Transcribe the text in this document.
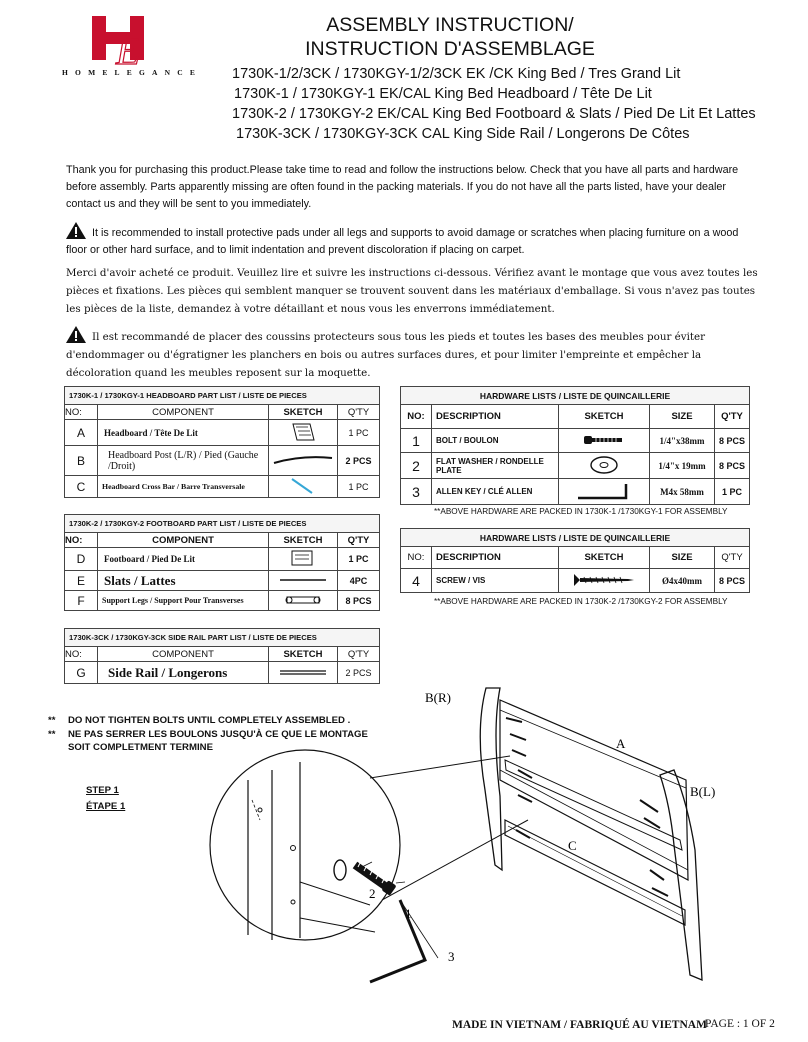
E
HOMELEGANCE
ASSEMBLY INSTRUCTION/
INSTRUCTION D'ASSEMBLAGE
1730K-1/2/3CK / 1730KGY-1/2/3CK EK /CK King Bed / Tres Grand Lit
1730K-1 / 1730KGY-1 EK/CAL King Bed Headboard / Tête De Lit
1730K-2 / 1730KGY-2 EK/CAL King Bed Footboard & Slats / Pied De Lit Et Lattes
1730K-3CK / 1730KGY-3CK CAL King Side Rail / Longerons De Côtes
Thank you for purchasing this product.Please take time to read and follow the instructions below. Check that you have all parts and hardware before assembly. Parts apparently missing are often found in the packing materials. If you do not have all the parts listed, have your dealer contact us and they will be sent to you immediately.
It is recommended to install protective pads under all legs and supports to avoid damage or scratches when placing furniture on a wood floor or other hard surface, and to limit indentation and prevent discoloration if placing on carpet.
Merci d'avoir acheté ce produit. Veuillez lire et suivre les instructions ci-dessous. Vérifiez avant le montage que vous avez toutes les pièces et fixations. Les pièces qui semblent manquer se trouvent souvent dans les matériaux d'emballage. Si vous n'avez pas toutes les pièces de la liste, demandez à votre détaillant et nous vous les enverrons immédiatement.
Il est recommandé de placer des coussins protecteurs sous tous les pieds et toutes les bases des meubles pour éviter d'endommager ou d'égratigner les planchers en bois ou autres surfaces dures, et pour limiter l'empreinte et empêcher la décoloration quand les meubles reposent sur la moquette.
1730K-1 / 1730KGY-1 HEADBOARD PART LIST / LISTE DE PIECES			
NO:	COMPONENT	SKETCH	Q'TY
A	Headboard / Tête De Lit		1 PC
B	Headboard Post (L/R) / Pied (Gauche /Droit)		2 PCS
C	Headboard Cross Bar / Barre Transversale		1 PC
1730K-2 / 1730KGY-2 FOOTBOARD PART LIST / LISTE DE PIECES			
NO:	COMPONENT	SKETCH	Q'TY
D	Footboard / Pied De Lit		1 PC
E	Slats / Lattes		4PC
F	Support Legs / Support Pour Transverses		8 PCS
1730K-3CK / 1730KGY-3CK SIDE RAIL PART LIST / LISTE DE PIECES			
NO:	COMPONENT	SKETCH	Q'TY
G	Side Rail / Longerons		2 PCS
HARDWARE LISTS / LISTE DE QUINCAILLERIE				
NO:	DESCRIPTION	SKETCH	SIZE	Q'TY
1	BOLT / BOULON		1/4"x38mm	8 PCS
2	FLAT WASHER / RONDELLE PLATE		1/4"x 19mm	8 PCS
3	ALLEN KEY / CLÉ ALLEN		M4x 58mm	1 PC
**ABOVE HARDWARE ARE PACKED IN 1730K-1 /1730KGY-1 FOR ASSEMBLY
HARDWARE LISTS / LISTE DE QUINCAILLERIE				
NO:	DESCRIPTION	SKETCH	SIZE	Q'TY
4	SCREW / VIS		Ø4x40mm	8 PCS
**ABOVE HARDWARE ARE PACKED IN 1730K-2 /1730KGY-2 FOR ASSEMBLY
** DO NOT TIGHTEN BOLTS UNTIL COMPLETELY ASSEMBLED .
** NE PAS SERRER LES BOULONS JUSQU'À CE QUE LE MONTAGE
SOIT COMPLETMENT TERMINE
STEP 1
ÉTAPE 1
B(R)
A
B(L)
C
2
1
3
MADE IN VIETNAM / FABRIQUÉ AU VIETNAM
PAGE : 1 OF 2
